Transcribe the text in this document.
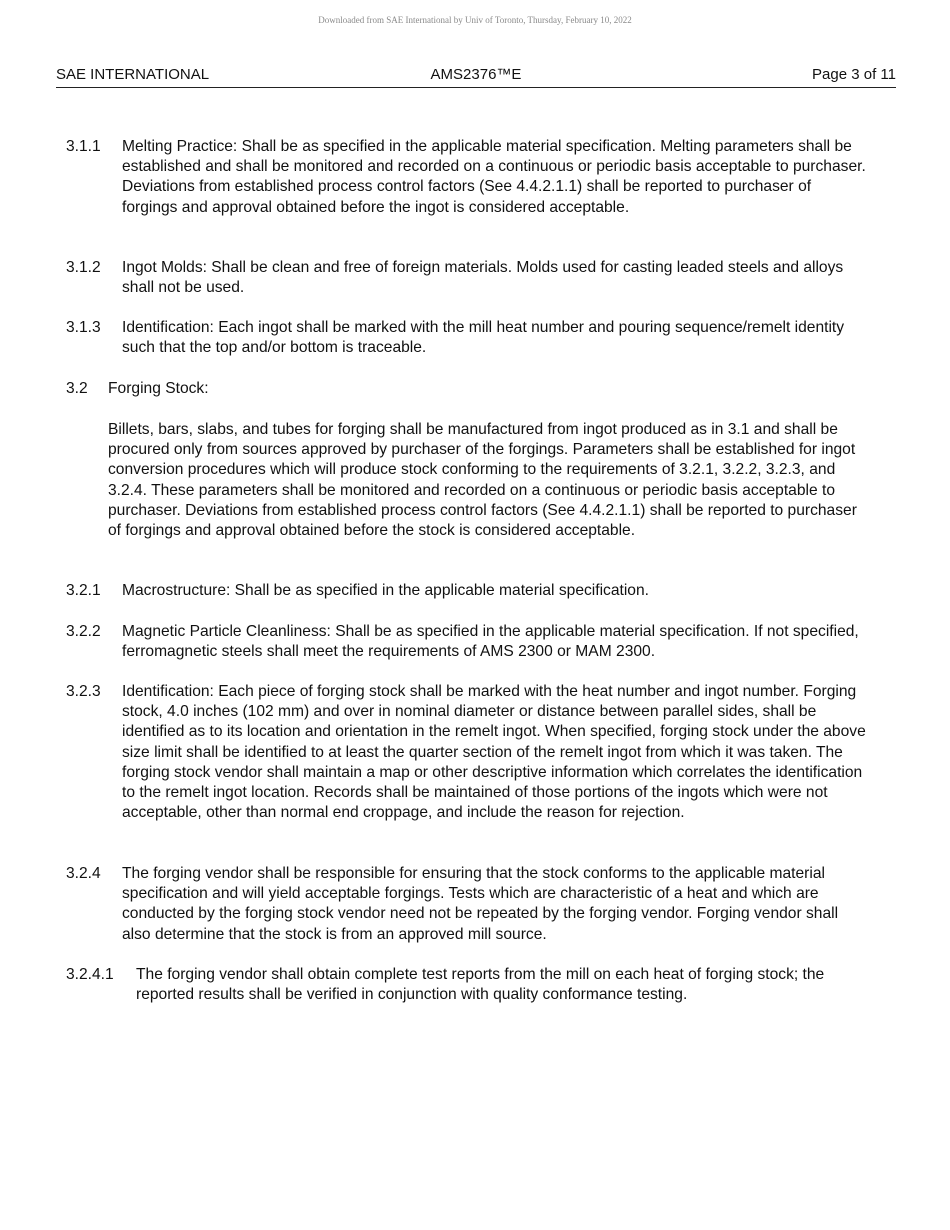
Downloaded from SAE International by Univ of Toronto, Thursday, February 10, 2022
SAE INTERNATIONAL	AMS2376™E	Page 3 of 11
3.1.1	Melting Practice: Shall be as specified in the applicable material specification. Melting parameters shall be established and shall be monitored and recorded on a continuous or periodic basis acceptable to purchaser. Deviations from established process control factors (See 4.4.2.1.1) shall be reported to purchaser of forgings and approval obtained before the ingot is considered acceptable.
3.1.2	Ingot Molds: Shall be clean and free of foreign materials. Molds used for casting leaded steels and alloys shall not be used.
3.1.3	Identification: Each ingot shall be marked with the mill heat number and pouring sequence/remelt identity such that the top and/or bottom is traceable.
3.2	Forging Stock:
Billets, bars, slabs, and tubes for forging shall be manufactured from ingot produced as in 3.1 and shall be procured only from sources approved by purchaser of the forgings. Parameters shall be established for ingot conversion procedures which will produce stock conforming to the requirements of 3.2.1, 3.2.2, 3.2.3, and 3.2.4. These parameters shall be monitored and recorded on a continuous or periodic basis acceptable to purchaser. Deviations from established process control factors (See 4.4.2.1.1) shall be reported to purchaser of forgings and approval obtained before the stock is considered acceptable.
3.2.1	Macrostructure: Shall be as specified in the applicable material specification.
3.2.2	Magnetic Particle Cleanliness: Shall be as specified in the applicable material specification. If not specified, ferromagnetic steels shall meet the requirements of AMS 2300 or MAM 2300.
3.2.3	Identification: Each piece of forging stock shall be marked with the heat number and ingot number. Forging stock, 4.0 inches (102 mm) and over in nominal diameter or distance between parallel sides, shall be identified as to its location and orientation in the remelt ingot. When specified, forging stock under the above size limit shall be identified to at least the quarter section of the remelt ingot from which it was taken. The forging stock vendor shall maintain a map or other descriptive information which correlates the identification to the remelt ingot location. Records shall be maintained of those portions of the ingots which were not acceptable, other than normal end croppage, and include the reason for rejection.
3.2.4	The forging vendor shall be responsible for ensuring that the stock conforms to the applicable material specification and will yield acceptable forgings. Tests which are characteristic of a heat and which are conducted by the forging stock vendor need not be repeated by the forging vendor. Forging vendor shall also determine that the stock is from an approved mill source.
3.2.4.1	The forging vendor shall obtain complete test reports from the mill on each heat of forging stock; the reported results shall be verified in conjunction with quality conformance testing.
